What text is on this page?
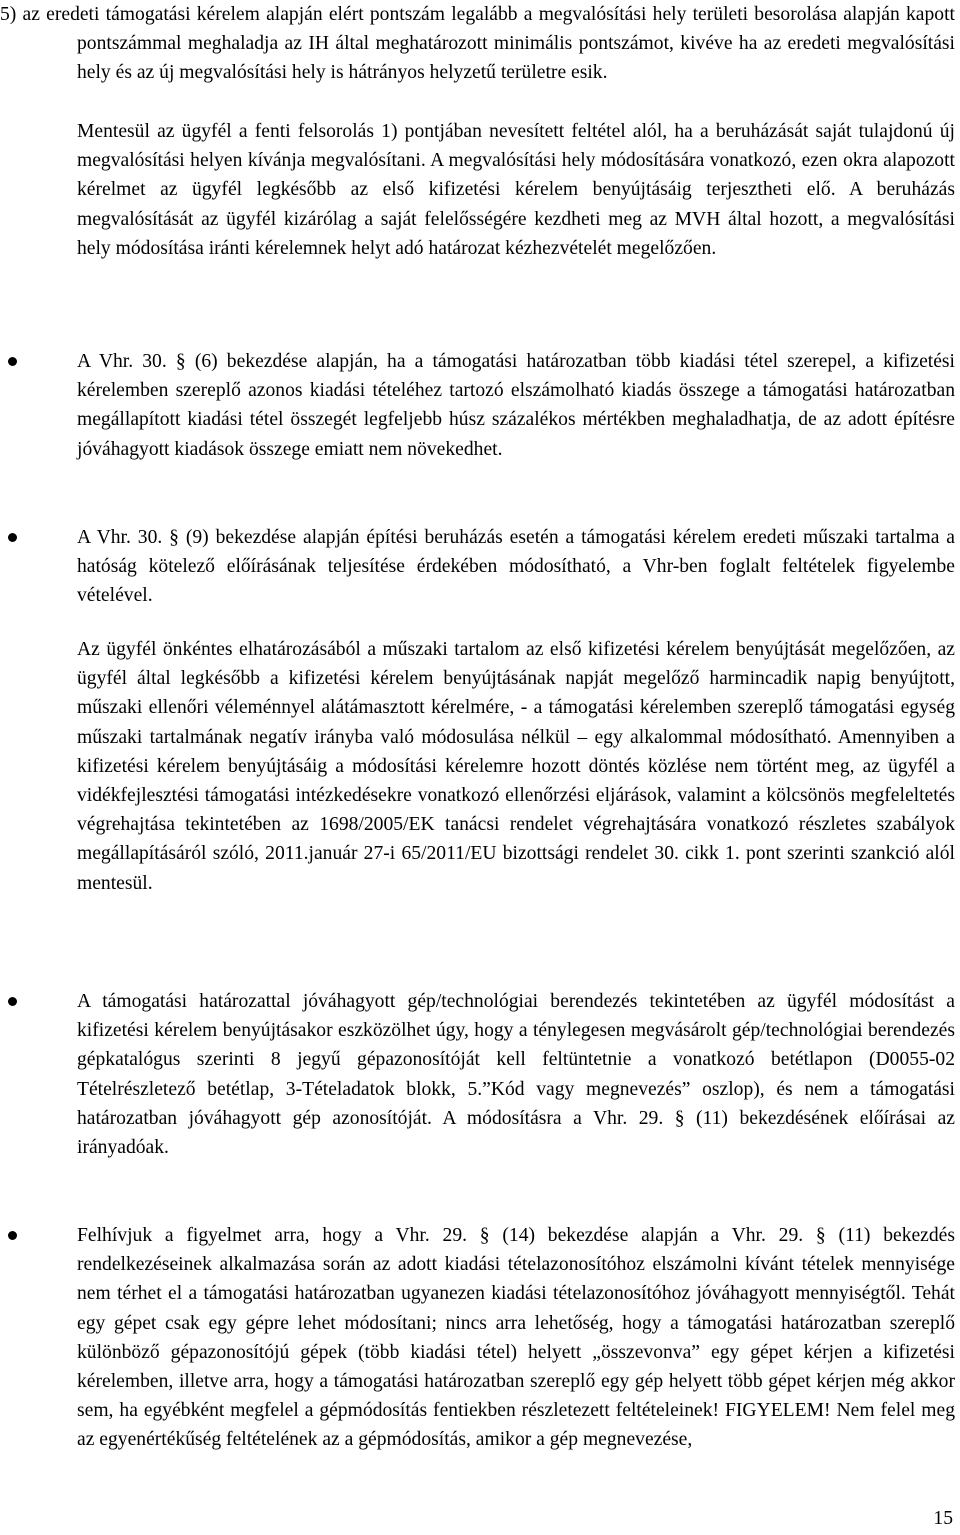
5) az eredeti támogatási kérelem alapján elért pontszám legalább a megvalósítási hely területi besorolása alapján kapott pontszámmal meghaladja az IH által meghatározott minimális pontszámot, kivéve ha az eredeti megvalósítási hely és az új megvalósítási hely is hátrányos helyzetű területre esik.

Mentesül az ügyfél a fenti felsorolás 1) pontjában nevesített feltétel alól, ha a beruházását saját tulajdonú új megvalósítási helyen kívánja megvalósítani. A megvalósítási hely módosítására vonatkozó, ezen okra alapozott kérelmet az ügyfél legkésőbb az első kifizetési kérelem benyújtásáig terjesztheti elő. A beruházás megvalósítását az ügyfél kizárólag a saját felelősségére kezdheti meg az MVH által hozott, a megvalósítási hely módosítása iránti kérelemnek helyt adó határozat kézhezvételét megelőzően.

A Vhr. 30. § (6) bekezdése alapján, ha a támogatási határozatban több kiadási tétel szerepel, a kifizetési kérelemben szereplő azonos kiadási tételéhez tartozó elszámolható kiadás összege a támogatási határozatban megállapított kiadási tétel összegét legfeljebb húsz százalékos mértékben meghaladhatja, de az adott építésre jóváhagyott kiadások összege emiatt nem növekedhet.

A Vhr. 30. § (9) bekezdése alapján építési beruházás esetén a támogatási kérelem eredeti műszaki tartalma a hatóság kötelező előírásának teljesítése érdekében módosítható, a Vhr-ben foglalt feltételek figyelembe vételével.

Az ügyfél önkéntes elhatározásából a műszaki tartalom az első kifizetési kérelem benyújtását megelőzően, az ügyfél által legkésőbb a kifizetési kérelem benyújtásának napját megelőző harmincadik napig benyújtott, műszaki ellenőri véleménnyel alátámasztott kérelmére, - a támogatási kérelemben szereplő támogatási egység műszaki tartalmának negatív irányba való módosulása nélkül – egy alkalommal módosítható. Amennyiben a kifizetési kérelem benyújtásáig a módosítási kérelemre hozott döntés közlése nem történt meg, az ügyfél a vidékfejlesztési támogatási intézkedésekre vonatkozó ellenőrzési eljárások, valamint a kölcsönös megfeleltetés végrehajtása tekintetében az 1698/2005/EK tanácsi rendelet végrehajtására vonatkozó részletes szabályok megállapításáról szóló, 2011.január 27-i 65/2011/EU bizottsági rendelet 30. cikk 1. pont szerinti szankció alól mentesül.

A támogatási határozattal jóváhagyott gép/technológiai berendezés tekintetében az ügyfél módosítást a kifizetési kérelem benyújtásakor eszközölhet úgy, hogy a ténylegesen megvásárolt gép/technológiai berendezés gépkatalógus szerinti 8 jegyű gépazonosítóját kell feltüntetnie a vonatkozó betétlapon (D0055-02 Tételrészletező betétlap, 3-Tételadatok blokk, 5.”Kód vagy megnevezés” oszlop), és nem a támogatási határozatban jóváhagyott gép azonosítóját. A módosításra a Vhr. 29. § (11) bekezdésének előírásai az irányadóak.

Felhívjuk a figyelmet arra, hogy a Vhr. 29. § (14) bekezdése alapján a Vhr. 29. § (11) bekezdés rendelkezéseinek alkalmazása során az adott kiadási tételazonosítóhoz elszámolni kívánt tételek mennyisége nem térhet el a támogatási határozatban ugyanezen kiadási tételazonosítóhoz jóváhagyott mennyiségtől. Tehát egy gépet csak egy gépre lehet módosítani; nincs arra lehetőség, hogy a támogatási határozatban szereplő különböző gépazonosítójú gépek (több kiadási tétel) helyett „összevonva” egy gépet kérjen a kifizetési kérelemben, illetve arra, hogy a támogatási határozatban szereplő egy gép helyett több gépet kérjen még akkor sem, ha egyébként megfelel a gépmódosítás fentiekben részletezett feltételeinek! FIGYELEM! Nem felel meg az egyenértékűség feltételének az a gépmódosítás, amikor a gép megnevezése,

15
